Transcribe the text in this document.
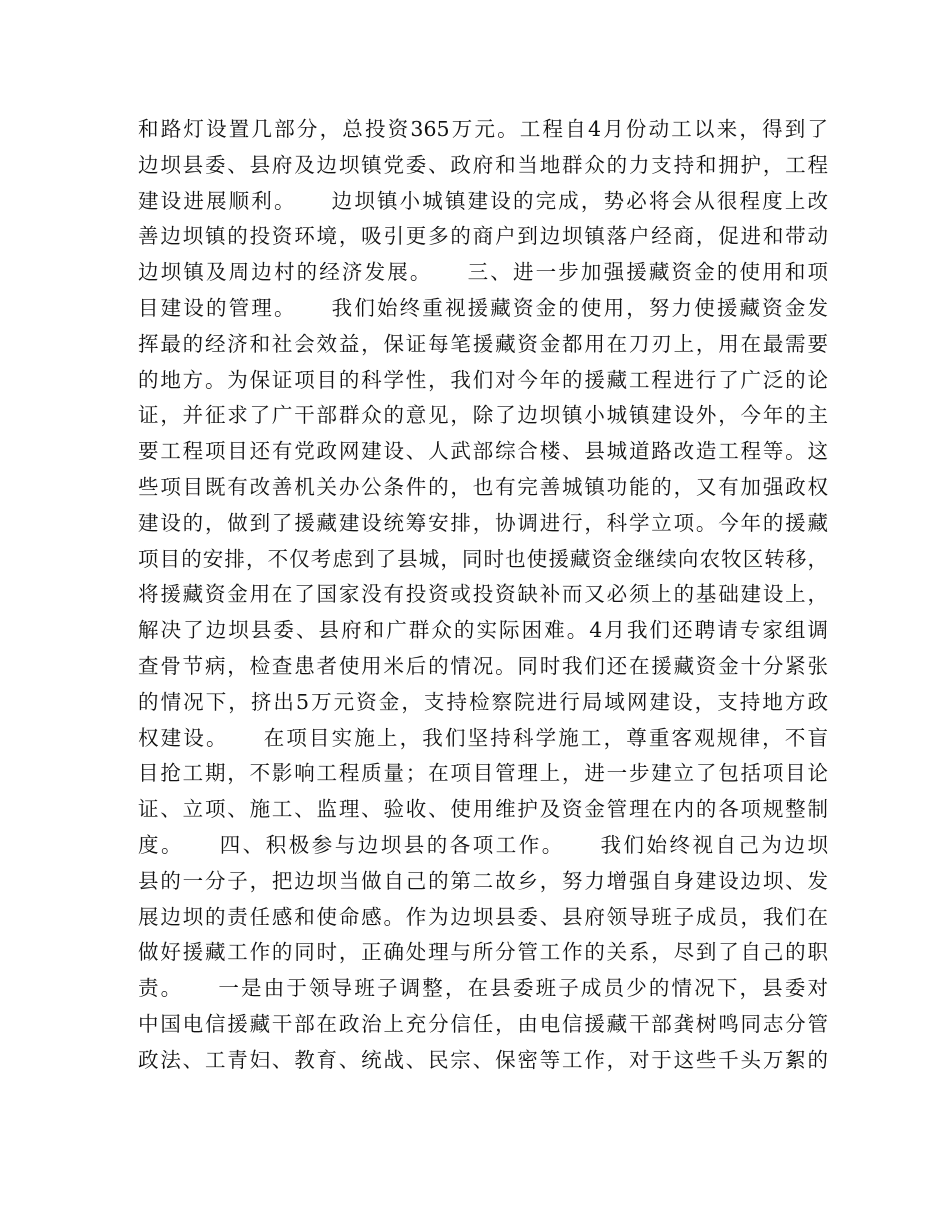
和路灯设置几部分，总投资365万元。工程自4月份动工以来，得到了
边坝县委、县府及边坝镇党委、政府和当地群众的力支持和拥护，工程
建设进展顺利。　　边坝镇小城镇建设的完成，势必将会从很程度上改
善边坝镇的投资环境，吸引更多的商户到边坝镇落户经商，促进和带动
边坝镇及周边村的经济发展。　　三、进一步加强援藏资金的使用和项
目建设的管理。　　我们始终重视援藏资金的使用，努力使援藏资金发
挥最的经济和社会效益，保证每笔援藏资金都用在刀刃上，用在最需要
的地方。为保证项目的科学性，我们对今年的援藏工程进行了广泛的论
证，并征求了广干部群众的意见，除了边坝镇小城镇建设外，今年的主
要工程项目还有党政网建设、人武部综合楼、县城道路改造工程等。这
些项目既有改善机关办公条件的，也有完善城镇功能的，又有加强政权
建设的，做到了援藏建设统筹安排，协调进行，科学立项。今年的援藏
项目的安排，不仅考虑到了县城，同时也使援藏资金继续向农牧区转移，
将援藏资金用在了国家没有投资或投资缺补而又必须上的基础建设上，
解决了边坝县委、县府和广群众的实际困难。4月我们还聘请专家组调
查骨节病，检查患者使用米后的情况。同时我们还在援藏资金十分紧张
的情况下，挤出5万元资金，支持检察院进行局域网建设，支持地方政
权建设。　　在项目实施上，我们坚持科学施工，尊重客观规律，不盲
目抢工期，不影响工程质量；在项目管理上，进一步建立了包括项目论
证、立项、施工、监理、验收、使用维护及资金管理在内的各项规整制
度。　　四、积极参与边坝县的各项工作。　　我们始终视自己为边坝
县的一分子，把边坝当做自己的第二故乡，努力增强自身建设边坝、发
展边坝的责任感和使命感。作为边坝县委、县府领导班子成员，我们在
做好援藏工作的同时，正确处理与所分管工作的关系，尽到了自己的职
责。　　一是由于领导班子调整，在县委班子成员少的情况下，县委对
中国电信援藏干部在政治上充分信任，由电信援藏干部龚树鸣同志分管
政法、工青妇、教育、统战、民宗、保密等工作，对于这些千头万絮的
